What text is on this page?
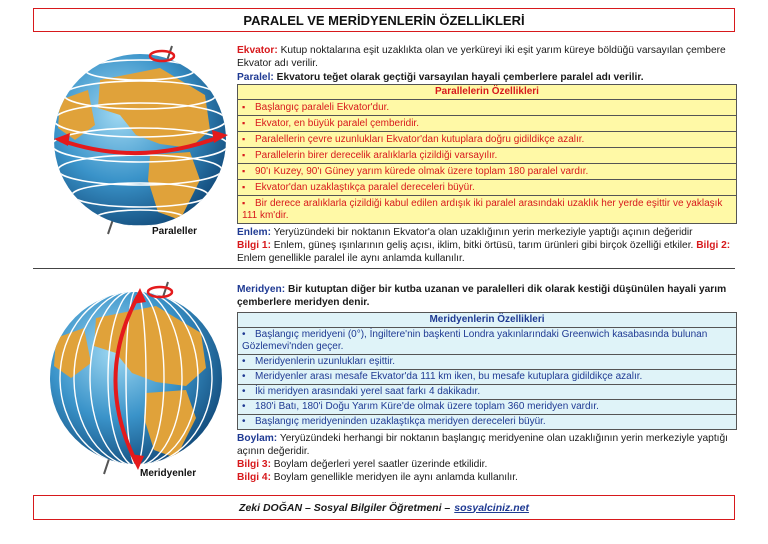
PARALEL VE MERİDYENLERİN ÖZELLİKLERİ
Paraleller
Ekvator: Kutup noktalarına eşit uzaklıkta olan ve yerküreyi iki eşit yarım küreye böldüğü varsayılan çembere Ekvator adı verilir.
Paralel: Ekvatoru teğet olarak geçtiği varsayılan hayali çemberlere paralel adı verilir.
Parallelerin Özellikleri
▪ Başlangıç paraleli Ekvator'dur.
▪ Ekvator, en büyük paralel çemberidir.
▪ Paralellerin çevre uzunlukları Ekvator'dan kutuplara doğru gidildikçe azalır.
▪ Parallelerin birer derecelik aralıklarla çizildiği varsayılır.
▪ 90'ı Kuzey, 90'ı Güney yarım kürede olmak üzere toplam 180 paralel vardır.
▪ Ekvator'dan uzaklaştıkça paralel dereceleri büyür.
▪ Bir derece aralıklarla çizildiği kabul edilen ardışık iki paralel arasındaki uzaklık her yerde eşittir ve yaklaşık 111 km'dir.
Enlem: Yeryüzündeki bir noktanın Ekvator'a olan uzaklığının yerin merkeziyle yaptığı açının değeridir
Bilgi 1: Enlem, güneş ışınlarının geliş açısı, iklim, bitki örtüsü, tarım ürünleri gibi birçok özelliği etkiler. Bilgi 2: Enlem genellikle paralel ile aynı anlamda kullanılır.
Meridyenler
Meridyen: Bir kutuptan diğer bir kutba uzanan ve paralelleri dik olarak kestiği düşünülen hayali yarım çemberlere meridyen denir.
Meridyenlerin Özellikleri
• Başlangıç meridyeni (0°), İngiltere'nin başkenti Londra yakınlarındaki Greenwich kasabasında bulunan Gözlemevi'nden geçer.
• Meridyenlerin uzunlukları eşittir.
• Meridyenler arası mesafe Ekvator'da 111 km iken, bu mesafe kutuplara gidildikçe azalır.
• İki meridyen arasındaki yerel saat farkı 4 dakikadır.
• 180'i Batı, 180'i Doğu Yarım Küre'de olmak üzere toplam 360 meridyen vardır.
• Başlangıç meridyeninden uzaklaştıkça meridyen dereceleri büyür.
Boylam: Yeryüzündeki herhangi bir noktanın başlangıç meridyenine olan uzaklığının yerin merkeziyle yaptığı açının değeridir.
Bilgi 3: Boylam değerleri yerel saatler üzerinde etkilidir.
Bilgi 4: Boylam genellikle meridyen ile aynı anlamda kullanılır.
Zeki DOĞAN – Sosyal Bilgiler Öğretmeni – sosyalciniz.net
